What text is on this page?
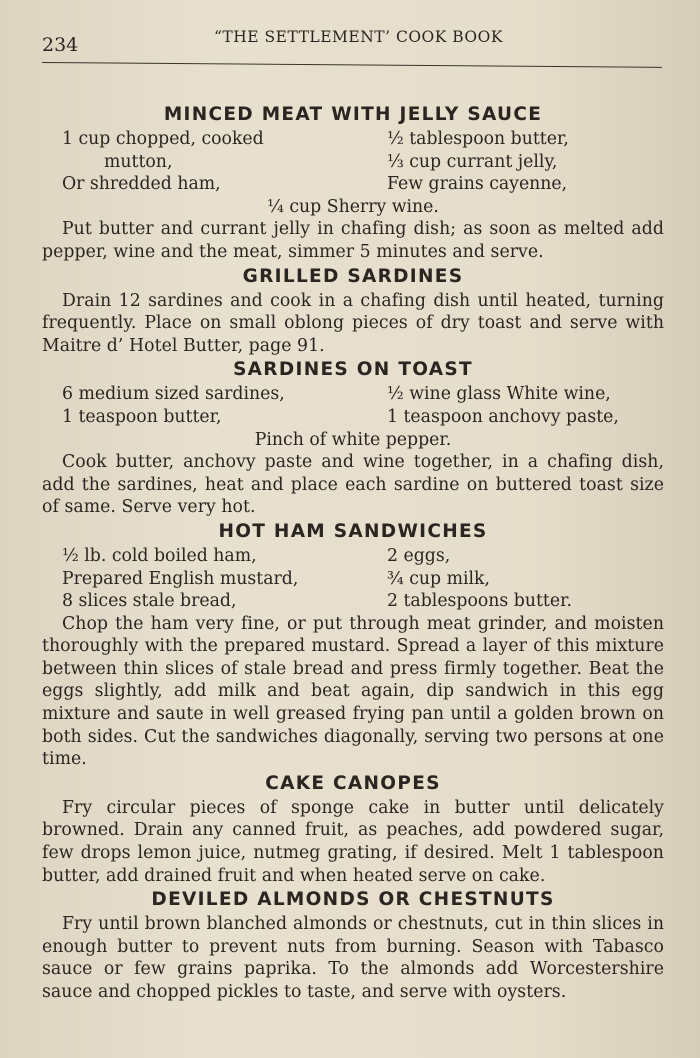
234	“THE SETTLEMENT’ COOK BOOK
MINCED MEAT WITH JELLY SAUCE
1 cup chopped, cooked	½ tablespoon butter,
mutton,	⅓ cup currant jelly,
Or shredded ham,	Few grains cayenne,
¼ cup Sherry wine.

Put butter and currant jelly in chafing dish; as soon as melted add pepper, wine and the meat, simmer 5 minutes and serve.

GRILLED SARDINES

Drain 12 sardines and cook in a chafing dish until heated, turning frequently. Place on small oblong pieces of dry toast and serve with Maitre d’ Hotel Butter, page 91.

SARDINES ON TOAST
6 medium sized sardines,	½ wine glass White wine,
1 teaspoon butter,	1 teaspoon anchovy paste,
Pinch of white pepper.

Cook butter, anchovy paste and wine together, in a chafing dish, add the sardines, heat and place each sardine on buttered toast size of same. Serve very hot.

HOT HAM SANDWICHES
½ lb. cold boiled ham,	2 eggs,
Prepared English mustard,	¾ cup milk,
8 slices stale bread,	2 tablespoons butter.

Chop the ham very fine, or put through meat grinder, and moisten thoroughly with the prepared mustard. Spread a layer of this mixture between thin slices of stale bread and press firmly together. Beat the eggs slightly, add milk and beat again, dip sandwich in this egg mixture and saute in well greased frying pan until a golden brown on both sides. Cut the sandwiches diagonally, serving two persons at one time.

CAKE CANOPES

Fry circular pieces of sponge cake in butter until delicately browned. Drain any canned fruit, as peaches, add powdered sugar, few drops lemon juice, nutmeg grating, if desired. Melt 1 tablespoon butter, add drained fruit and when heated serve on cake.

DEVILED ALMONDS OR CHESTNUTS

Fry until brown blanched almonds or chestnuts, cut in thin slices in enough butter to prevent nuts from burning. Season with Tabasco sauce or few grains paprika. To the almonds add Worcestershire sauce and chopped pickles to taste, and serve with oysters.
